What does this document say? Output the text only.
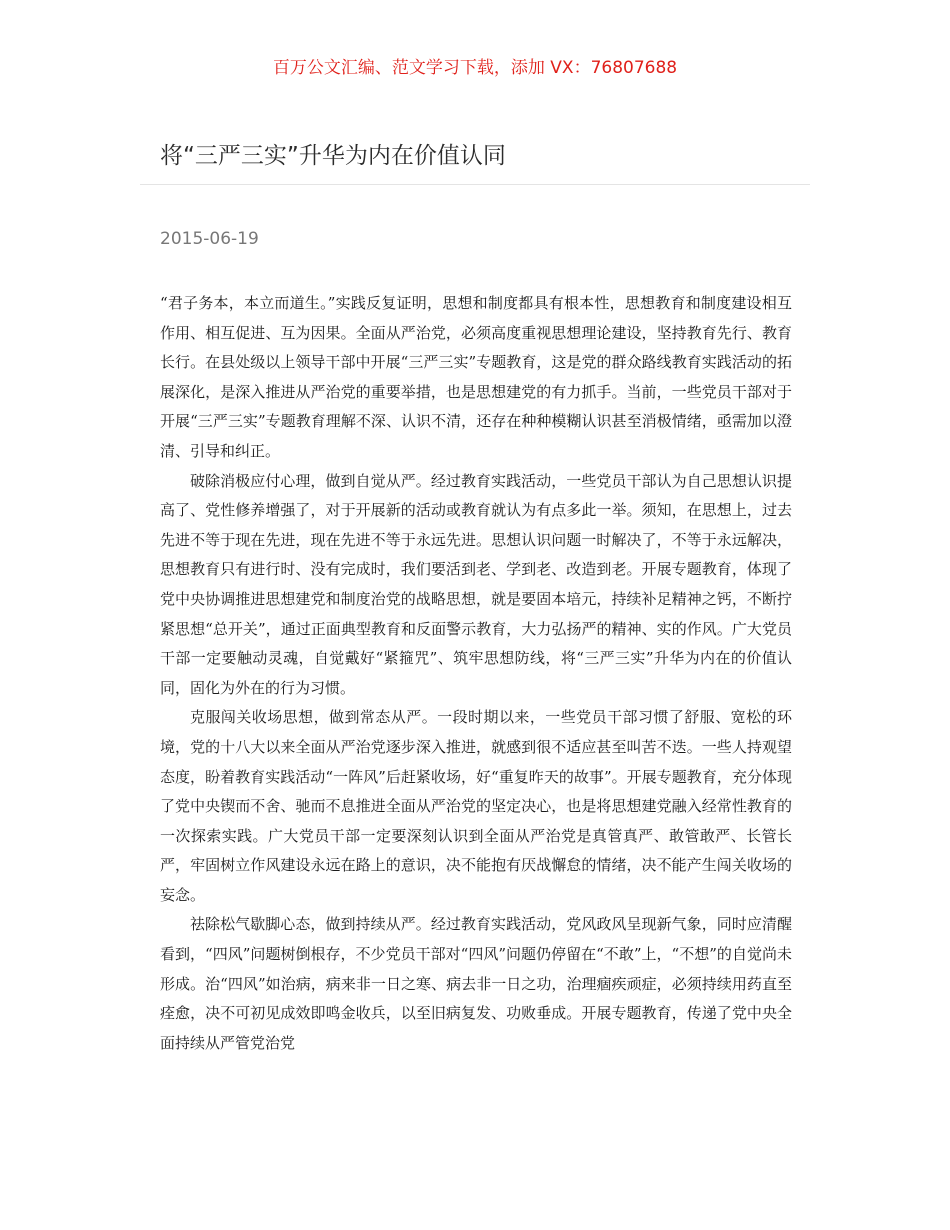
百万公文汇编、范文学习下载，添加 VX：76807688
将“三严三实”升华为内在价值认同
2015-06-19

“君子务本，本立而道生。”实践反复证明，思想和制度都具有根本性，思想教育和制度建设相互作用、相互促进、互为因果。全面从严治党，必须高度重视思想理论建设，坚持教育先行、教育长行。在县处级以上领导干部中开展“三严三实”专题教育，这是党的群众路线教育实践活动的拓展深化，是深入推进从严治党的重要举措，也是思想建党的有力抓手。当前，一些党员干部对于开展“三严三实”专题教育理解不深、认识不清，还存在种种模糊认识甚至消极情绪，亟需加以澄清、引导和纠正。

破除消极应付心理，做到自觉从严。经过教育实践活动，一些党员干部认为自己思想认识提高了、党性修养增强了，对于开展新的活动或教育就认为有点多此一举。须知，在思想上，过去先进不等于现在先进，现在先进不等于永远先进。思想认识问题一时解决了，不等于永远解决，思想教育只有进行时、没有完成时，我们要活到老、学到老、改造到老。开展专题教育，体现了党中央协调推进思想建党和制度治党的战略思想，就是要固本培元，持续补足精神之钙，不断拧紧思想“总开关”，通过正面典型教育和反面警示教育，大力弘扬严的精神、实的作风。广大党员干部一定要触动灵魂，自觉戴好“紧箍咒”、筑牢思想防线，将“三严三实”升华为内在的价值认同，固化为外在的行为习惯。

克服闯关收场思想，做到常态从严。一段时期以来，一些党员干部习惯了舒服、宽松的环境，党的十八大以来全面从严治党逐步深入推进，就感到很不适应甚至叫苦不迭。一些人持观望态度，盼着教育实践活动“一阵风”后赶紧收场，好“重复昨天的故事”。开展专题教育，充分体现了党中央锲而不舍、驰而不息推进全面从严治党的坚定决心，也是将思想建党融入经常性教育的一次探索实践。广大党员干部一定要深刻认识到全面从严治党是真管真严、敢管敢严、长管长严，牢固树立作风建设永远在路上的意识，决不能抱有厌战懈怠的情绪，决不能产生闯关收场的妄念。

祛除松气歇脚心态，做到持续从严。经过教育实践活动，党风政风呈现新气象，同时应清醒看到，“四风”问题树倒根存，不少党员干部对“四风”问题仍停留在“不敢”上，“不想”的自觉尚未形成。治“四风”如治病，病来非一日之寒、病去非一日之功，治理痼疾顽症，必须持续用药直至痊愈，决不可初见成效即鸣金收兵，以至旧病复发、功败垂成。开展专题教育，传递了党中央全面持续从严管党治党
